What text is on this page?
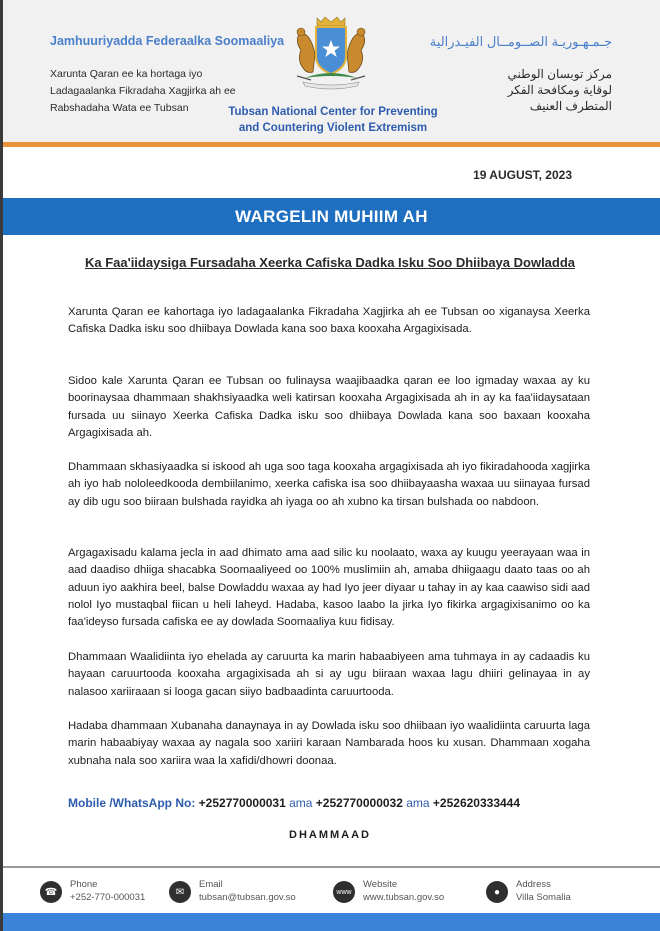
Jamhuuriyadda Federaalka Soomaaliya
Xarunta Qaran ee ka hortaga iyo
Ladagaalanka Fikradaha Xagjirka ah ee
Rabshadaha Wata ee Tubsan	Tubsan National Center for Preventing
and Countering Violent Extremism
جـمـهـوريـة الصــومــال الفيـدرالية
مركز توبسان الوطني
لوقاية ومكافحة الفكر
المتطرف العنيف
19 AUGUST, 2023
WARGELIN MUHIIM AH
Ka Faa'iidaysiga Fursadaha Xeerka Cafiska Dadka Isku Soo Dhiibaya Dowladda
Xarunta Qaran ee kahortaga iyo ladagaalanka Fikradaha Xagjirka ah ee Tubsan oo xiganaysa Xeerka Cafiska Dadka isku soo dhiibaya Dowlada kana soo baxa kooxaha Argagixisada.
Sidoo kale Xarunta Qaran ee Tubsan oo fulinaysa waajibaadka qaran ee loo igmaday waxaa ay ku boorinaysaa dhammaan shakhsiyaadka weli katirsan kooxaha Argagixisada ah in ay ka faa'iidaysataan fursada uu siinayo Xeerka Cafiska Dadka isku soo dhiibaya Dowlada kana soo baxaan kooxaha Argagixisada ah.
Dhammaan skhasiyaadka si iskood ah uga soo taga kooxaha argagixisada ah iyo fikiradahooda xagjirka ah iyo hab nololeedkooda dembiilanimo, xeerka cafiska isa soo dhiibayaasha waxaa uu siinayaa fursad ay dib ugu soo biiraan bulshada rayidka ah iyaga oo ah xubno ka tirsan bulshada oo nabdoon.
Argagaxisadu kalama jecla in aad dhimato ama aad silic ku noolaato, waxa ay kuugu yeerayaan waa in aad daadiso dhiiga shacabka Soomaaliyeed oo 100% muslimiin ah, amaba dhiigaagu daato taas oo ah aduun iyo aakhira beel, balse Dowladdu waxaa ay had Iyo jeer diyaar u tahay in ay kaa caawiso sidi aad nolol Iyo mustaqbal fiican u heli laheyd. Hadaba, kasoo laabo la jirka Iyo fikirka argagixisanimo oo ka faa'ideyso fursada cafiska ee ay dowlada Soomaaliya kuu fidisay.
Dhammaan Waalidiinta iyo ehelada ay caruurta ka marin habaabiyeen ama tuhmaya in ay cadaadis ku hayaan caruurtooda kooxaha argagixisada ah si ay ugu biiraan waxaa lagu dhiiri gelinayaa in ay nalasoo xariiraaan si looga gacan siiyo badbaadinta caruurtooda.
Hadaba dhammaan Xubanaha danaynaya in ay Dowlada isku soo dhiibaan iyo waalidiinta caruurta laga marin habaabiyay waxaa ay nagala soo xariiri karaan Nambarada hoos ku xusan. Dhammaan xogaha xubnaha nala soo xariira waa la xafidi/dhowri doonaa.
Mobile /WhatsApp No: +252770000031 ama +252770000032 ama +252620333444
DHAMMAAD
☎
Phone
+252-770-000031	✉
Email
tubsan@tubsan.gov.so	www
Website
www.tubsan.gov.so	●
Address
Villa Somalia
